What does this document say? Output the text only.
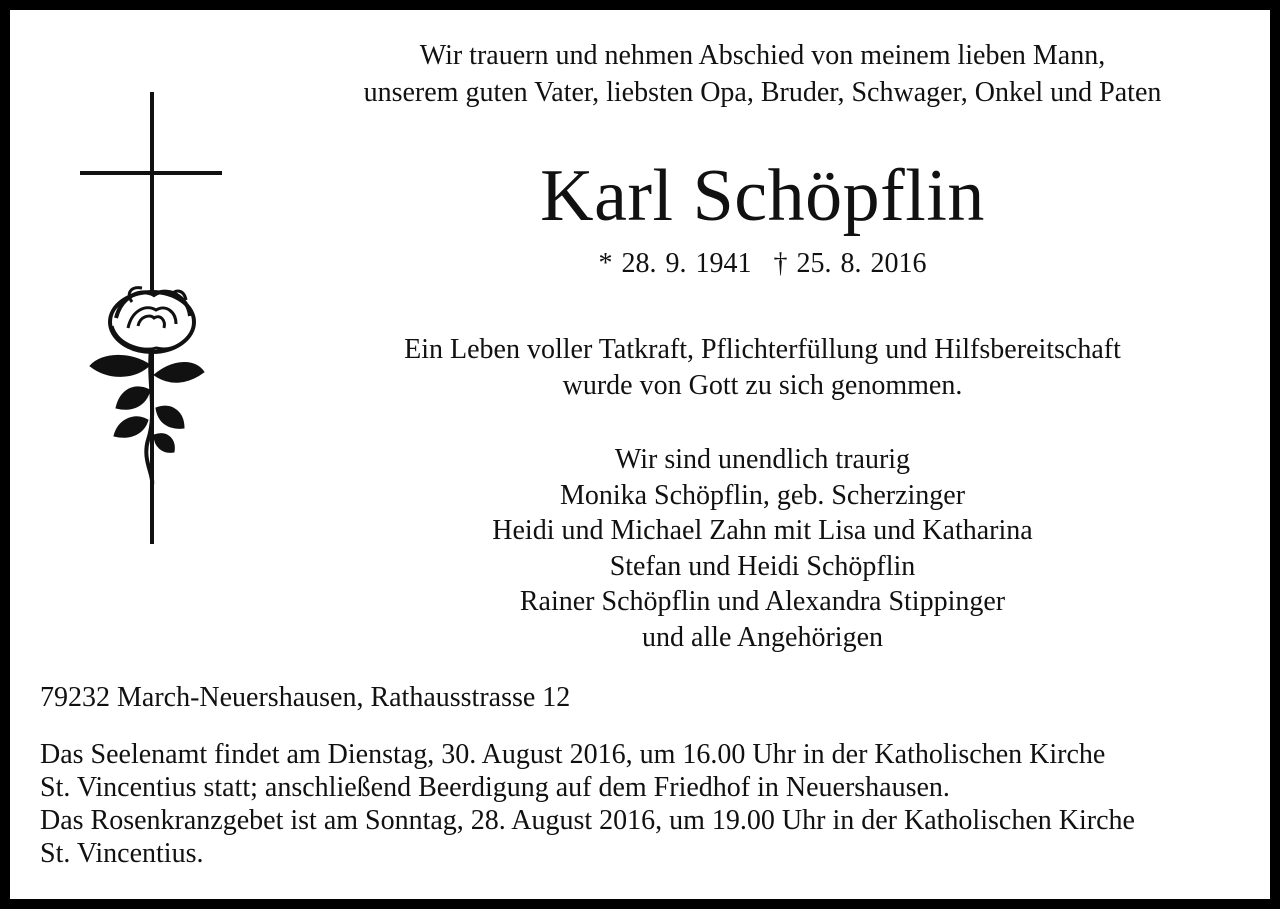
Wir trauern und nehmen Abschied von meinem lieben Mann,
unserem guten Vater, liebsten Opa, Bruder, Schwager, Onkel und Paten
Karl Schöpflin
* 28. 9. 1941 † 25. 8. 2016
Ein Leben voller Tatkraft, Pflichterfüllung und Hilfsbereitschaft
wurde von Gott zu sich genommen.
Wir sind unendlich traurig
Monika Schöpflin, geb. Scherzinger
Heidi und Michael Zahn mit Lisa und Katharina
Stefan und Heidi Schöpflin
Rainer Schöpflin und Alexandra Stippinger
und alle Angehörigen
79232 March-Neuershausen, Rathausstrasse 12
Das Seelenamt findet am Dienstag, 30. August 2016, um 16.00 Uhr in der Katholischen Kirche
St. Vincentius statt; anschließend Beerdigung auf dem Friedhof in Neuershausen.
Das Rosenkranzgebet ist am Sonntag, 28. August 2016, um 19.00 Uhr in der Katholischen Kirche
St. Vincentius.
